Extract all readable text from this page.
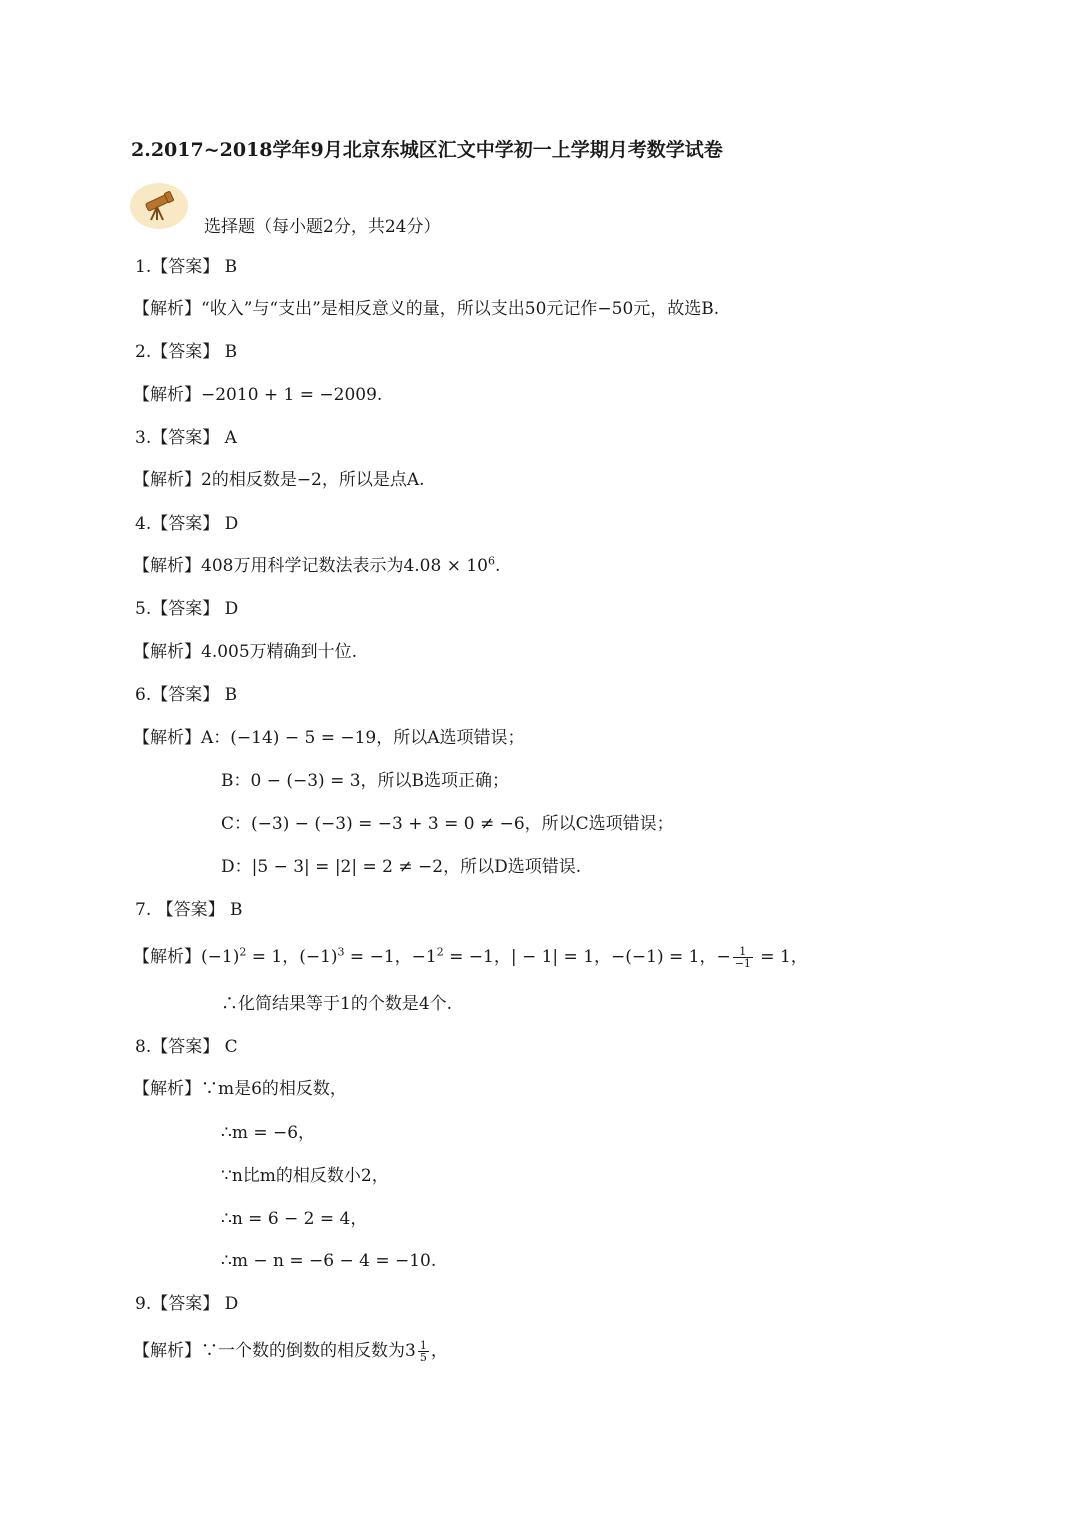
2.2017~2018学年9月北京东城区汇文中学初一上学期月考数学试卷
选择题（每小题2分，共24分）
1.【答案】 B
【解析】“收入”与“支出”是相反意义的量，所以支出50元记作−50元，故选B.
2.【答案】 B
【解析】−2010 + 1 = −2009.
3.【答案】 A
【解析】2的相反数是−2，所以是点A.
4.【答案】 D
【解析】408万用科学记数法表示为$4.08 \times 10^6$.
5.【答案】 D
【解析】4.005万精确到十位.
6.【答案】 B
【解析】A：(−14) − 5 = −19，所以A选项错误；
B：0 − (−3) = 3，所以B选项正确；
C：(−3) − (−3) = −3 + 3 = 0 ≠ −6，所以C选项错误；
D：|5 − 3| = |2| = 2 ≠ −2，所以D选项错误.
7. 【答案】 B
【解析】$(-1)^2 = 1$，$(-1)^3 = -1$，$-1^2 = -1$，| − 1| = 1，−(−1) = 1，− $\frac{1}{-1} = 1$，
∴化简结果等于1的个数是4个.
8.【答案】 C
【解析】∵m是6的相反数，
∴m = −6，
∵n比m的相反数小2，
∴n = 6 − 2 = 4，
∴m − n = −6 − 4 = −10.
9.【答案】 D
【解析】∵一个数的倒数的相反数为$3 \frac{1}{5}$ ，
